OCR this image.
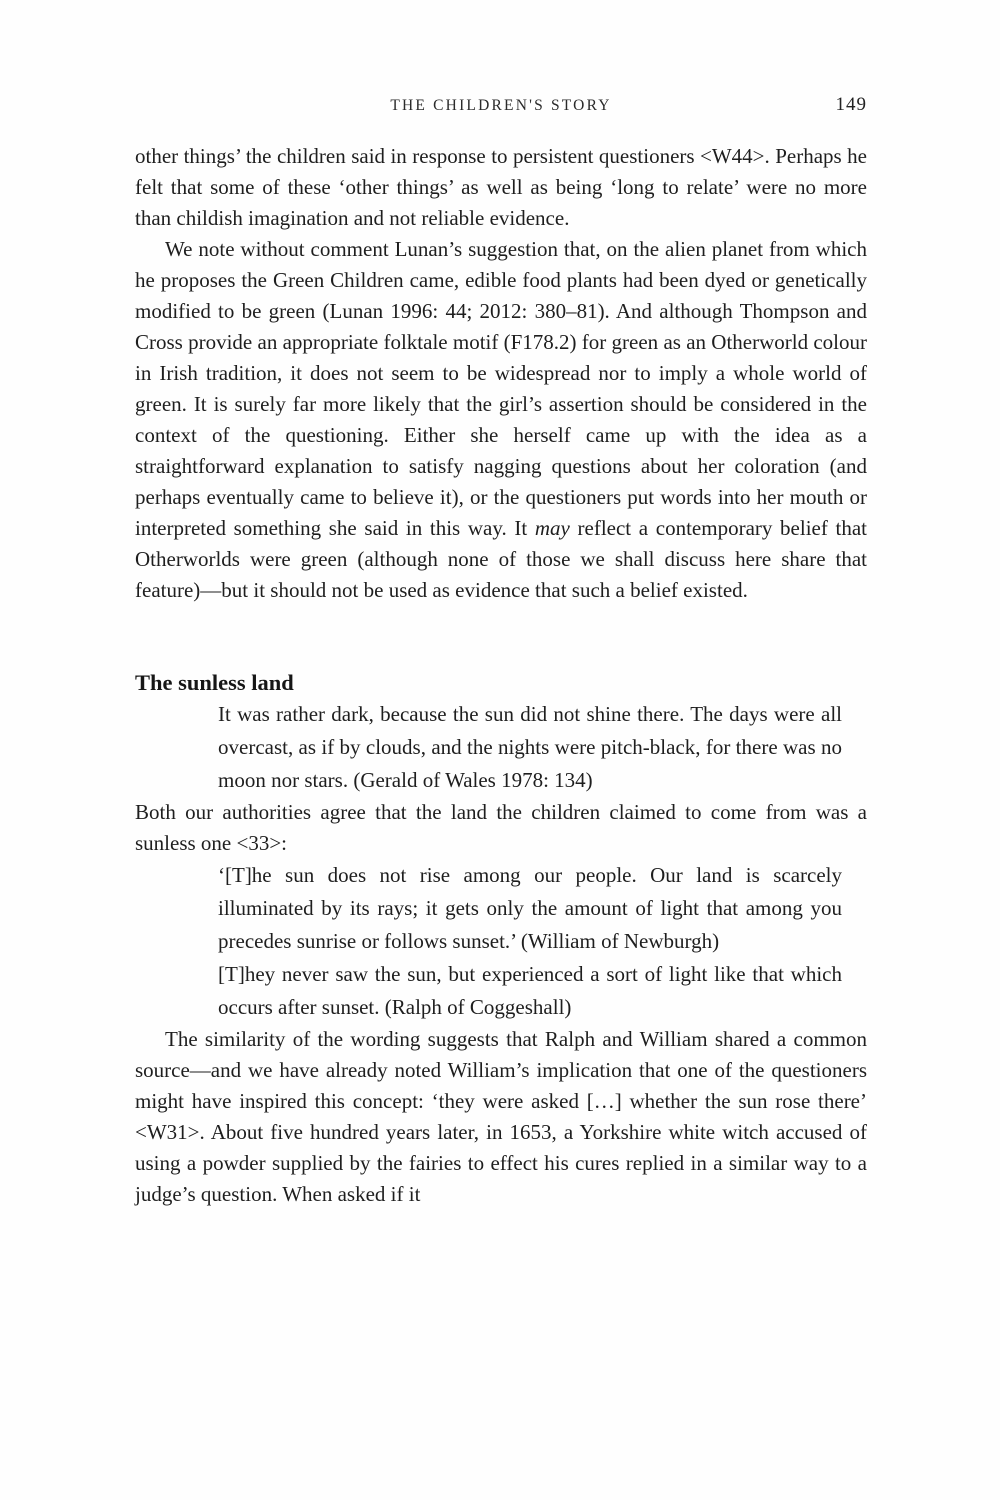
THE CHILDREN'S STORY	149

other things’ the children said in response to persistent questioners <W44>. Perhaps he felt that some of these ‘other things’ as well as being ‘long to relate’ were no more than childish imagination and not reliable evidence.

We note without comment Lunan’s suggestion that, on the alien planet from which he proposes the Green Children came, edible food plants had been dyed or genetically modified to be green (Lunan 1996: 44; 2012: 380–81). And although Thompson and Cross provide an appropriate folktale motif (F178.2) for green as an Otherworld colour in Irish tradition, it does not seem to be widespread nor to imply a whole world of green. It is surely far more likely that the girl’s assertion should be considered in the context of the questioning. Either she herself came up with the idea as a straightforward explanation to satisfy nagging questions about her coloration (and perhaps eventually came to believe it), or the questioners put words into her mouth or interpreted something she said in this way. It may reflect a contemporary belief that Otherworlds were green (although none of those we shall discuss here share that feature)—but it should not be used as evidence that such a belief existed.

The sunless land
It was rather dark, because the sun did not shine there. The days were all overcast, as if by clouds, and the nights were pitch-black, for there was no moon nor stars. (Gerald of Wales 1978: 134)

Both our authorities agree that the land the children claimed to come from was a sunless one <33>:

‘[T]he sun does not rise among our people. Our land is scarcely illuminated by its rays; it gets only the amount of light that among you precedes sunrise or follows sunset.’ (William of Newburgh)
[T]hey never saw the sun, but experienced a sort of light like that which occurs after sunset. (Ralph of Coggeshall)

The similarity of the wording suggests that Ralph and William shared a common source—and we have already noted William’s implication that one of the questioners might have inspired this concept: ‘they were asked […] whether the sun rose there’ <W31>. About five hundred years later, in 1653, a Yorkshire white witch accused of using a powder supplied by the fairies to effect his cures replied in a similar way to a judge’s question. When asked if it
